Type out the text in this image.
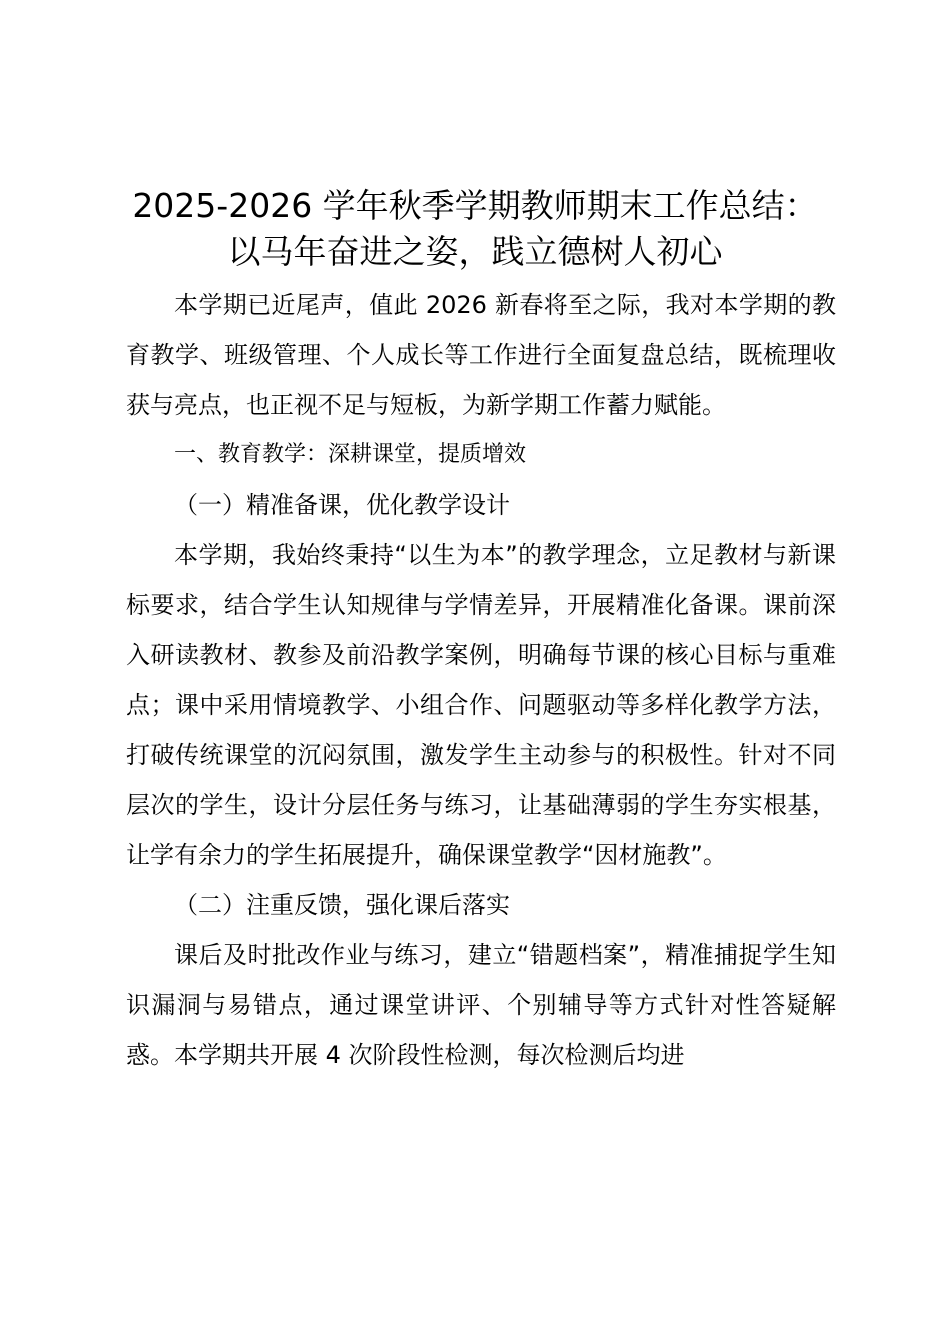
2025-2026 学年秋季学期教师期末工作总结：
以马年奋进之姿，践立德树人初心

本学期已近尾声，值此 2026 新春将至之际，我对本学期的教育教学、班级管理、个人成长等工作进行全面复盘总结，既梳理收获与亮点，也正视不足与短板，为新学期工作蓄力赋能。

一、教育教学：深耕课堂，提质增效

（一）精准备课，优化教学设计

本学期，我始终秉持“以生为本”的教学理念，立足教材与新课标要求，结合学生认知规律与学情差异，开展精准化备课。课前深入研读教材、教参及前沿教学案例，明确每节课的核心目标与重难点；课中采用情境教学、小组合作、问题驱动等多样化教学方法，打破传统课堂的沉闷氛围，激发学生主动参与的积极性。针对不同层次的学生，设计分层任务与练习，让基础薄弱的学生夯实根基，让学有余力的学生拓展提升，确保课堂教学“因材施教”。

（二）注重反馈，强化课后落实

课后及时批改作业与练习，建立“错题档案”，精准捕捉学生知识漏洞与易错点，通过课堂讲评、个别辅导等方式针对性答疑解惑。本学期共开展 4 次阶段性检测，每次检测后均进
